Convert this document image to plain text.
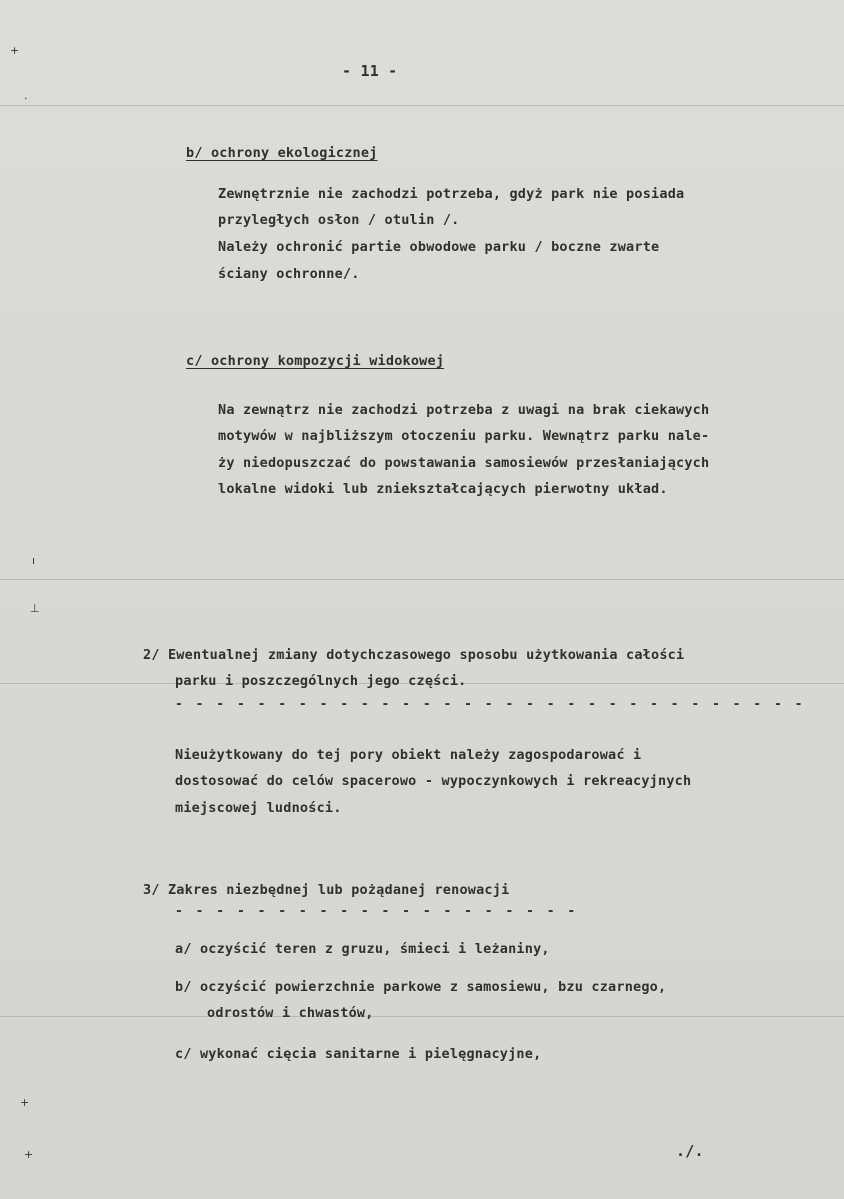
+
·
ı
⊥
+
+
- 11 -
b/ ochrony ekologicznej
Zewnętrznie nie zachodzi potrzeba, gdyż park nie posiada
przyległych osłon / otulin /.
Należy ochronić partie obwodowe parku / boczne zwarte
ściany ochronne/.
c/ ochrony kompozycji widokowej
Na zewnątrz nie zachodzi potrzeba z uwagi na brak ciekawych
motywów w najbliższym otoczeniu parku. Wewnątrz parku nale-
ży niedopuszczać do powstawania samosiewów przesłaniających
lokalne widoki lub zniekształcających pierwotny układ.
2/ Ewentualnej zmiany dotychczasowego sposobu użytkowania całości
parku i poszczególnych jego części.
- - - - - - - - - - - - - - - - - - - - - - - - - - - - - - -
Nieużytkowany do tej pory obiekt należy zagospodarować i
dostosować do celów spacerowo - wypoczynkowych i rekreacyjnych
miejscowej ludności.
3/ Zakres niezbędnej lub pożądanej renowacji
- - - - - - - - - - - - - - - - - - - -
a/ oczyścić teren z gruzu, śmieci i leżaniny,
b/ oczyścić powierzchnie parkowe z samosiewu, bzu czarnego,
odrostów i chwastów,
c/ wykonać cięcia sanitarne i pielęgnacyjne,
./.
